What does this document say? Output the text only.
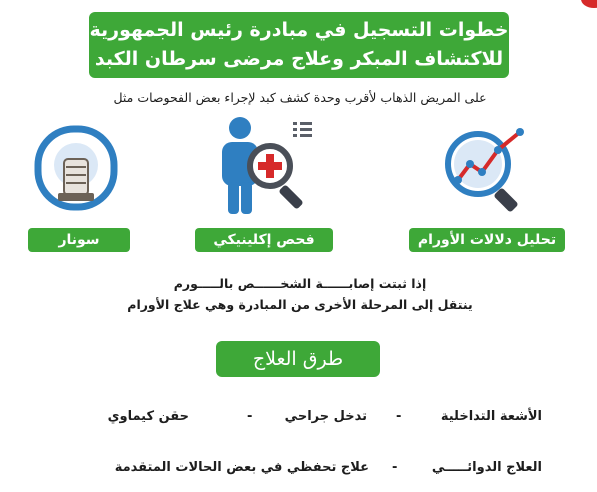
خطوات التسجيل في مبادرة رئيس الجمهورية
للاكتشاف المبكر وعلاج مرضى سرطان الكبد
على المريض الذهاب لأقرب وحدة كشف كبد لإجراء بعض الفحوصات مثل
تحليل دلالات الأورام
فحص إكلينيكي
سونار
إذا ثبتت إصابــــــة الشخــــــص بالـــــورم
ينتقل إلى المرحلة الأخرى من المبادرة وهي علاج الأورام
طرق العلاج
الأشعة التداخلية
-
تدخل جراحي
-
حقن كيماوي
العلاج الدوائـــــي
-
علاج تحفظي في بعض الحالات المتقدمة
